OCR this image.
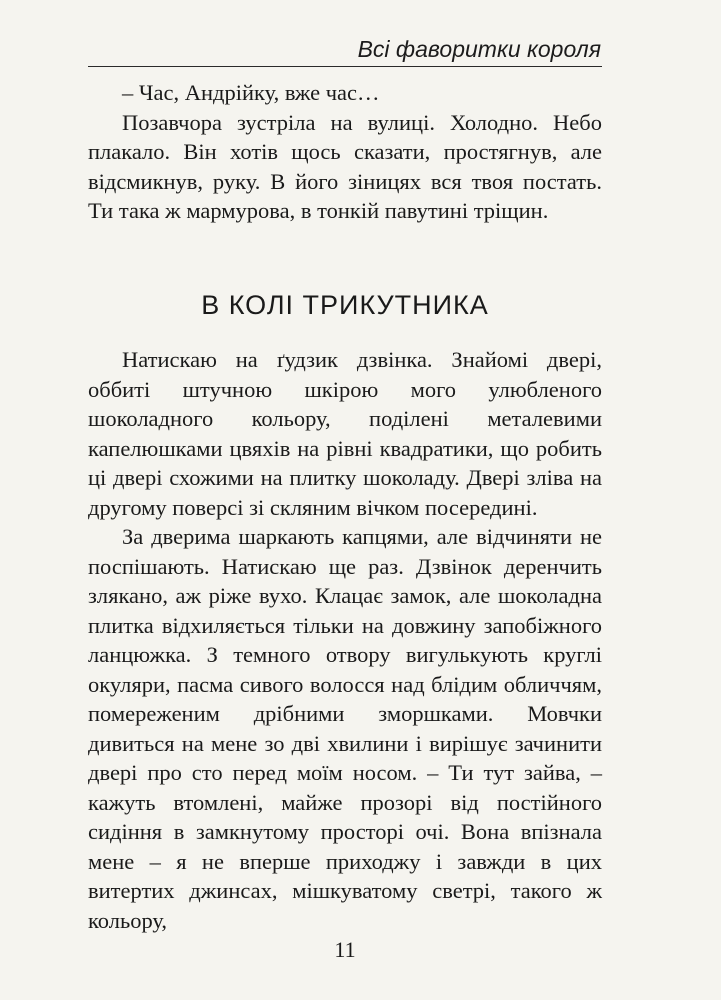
Всі фаворитки короля

– Час, Андрійку, вже час…

Позавчора зустріла на вулиці. Холодно. Небо плакало. Він хотів щось сказати, простягнув, але відсмикнув, руку. В його зіницях вся твоя постать. Ти така ж мармурова, в тонкій павутині тріщин.

В КОЛІ ТРИКУТНИКА

Натискаю на ґудзик дзвінка. Знайомі двері, оббиті штучною шкірою мого улюбленого шоколадного кольору, поділені металевими капелюшками цвяхів на рівні квадратики, що робить ці двері схожими на плитку шоколаду. Двері зліва на другому поверсі зі скляним вічком посередині.

За дверима шаркають капцями, але відчиняти не поспішають. Натискаю ще раз. Дзвінок деренчить злякано, аж ріже вухо. Клацає замок, але шоколадна плитка відхиляється тільки на довжину запобіжного ланцюжка. З темного отвору вигулькують круглі окуляри, пасма сивого волосся над блідим обличчям, помереженим дрібними зморшками. Мовчки дивиться на мене зо дві хвилини і вирішує зачинити двері про сто перед моїм носом. – Ти тут зайва, – кажуть втомлені, майже прозорі від постійного сидіння в замкнутому просторі очі. Вона впізнала мене – я не вперше приходжу і завжди в цих витертих джинсах, мішкуватому светрі, такого ж кольору,

11
